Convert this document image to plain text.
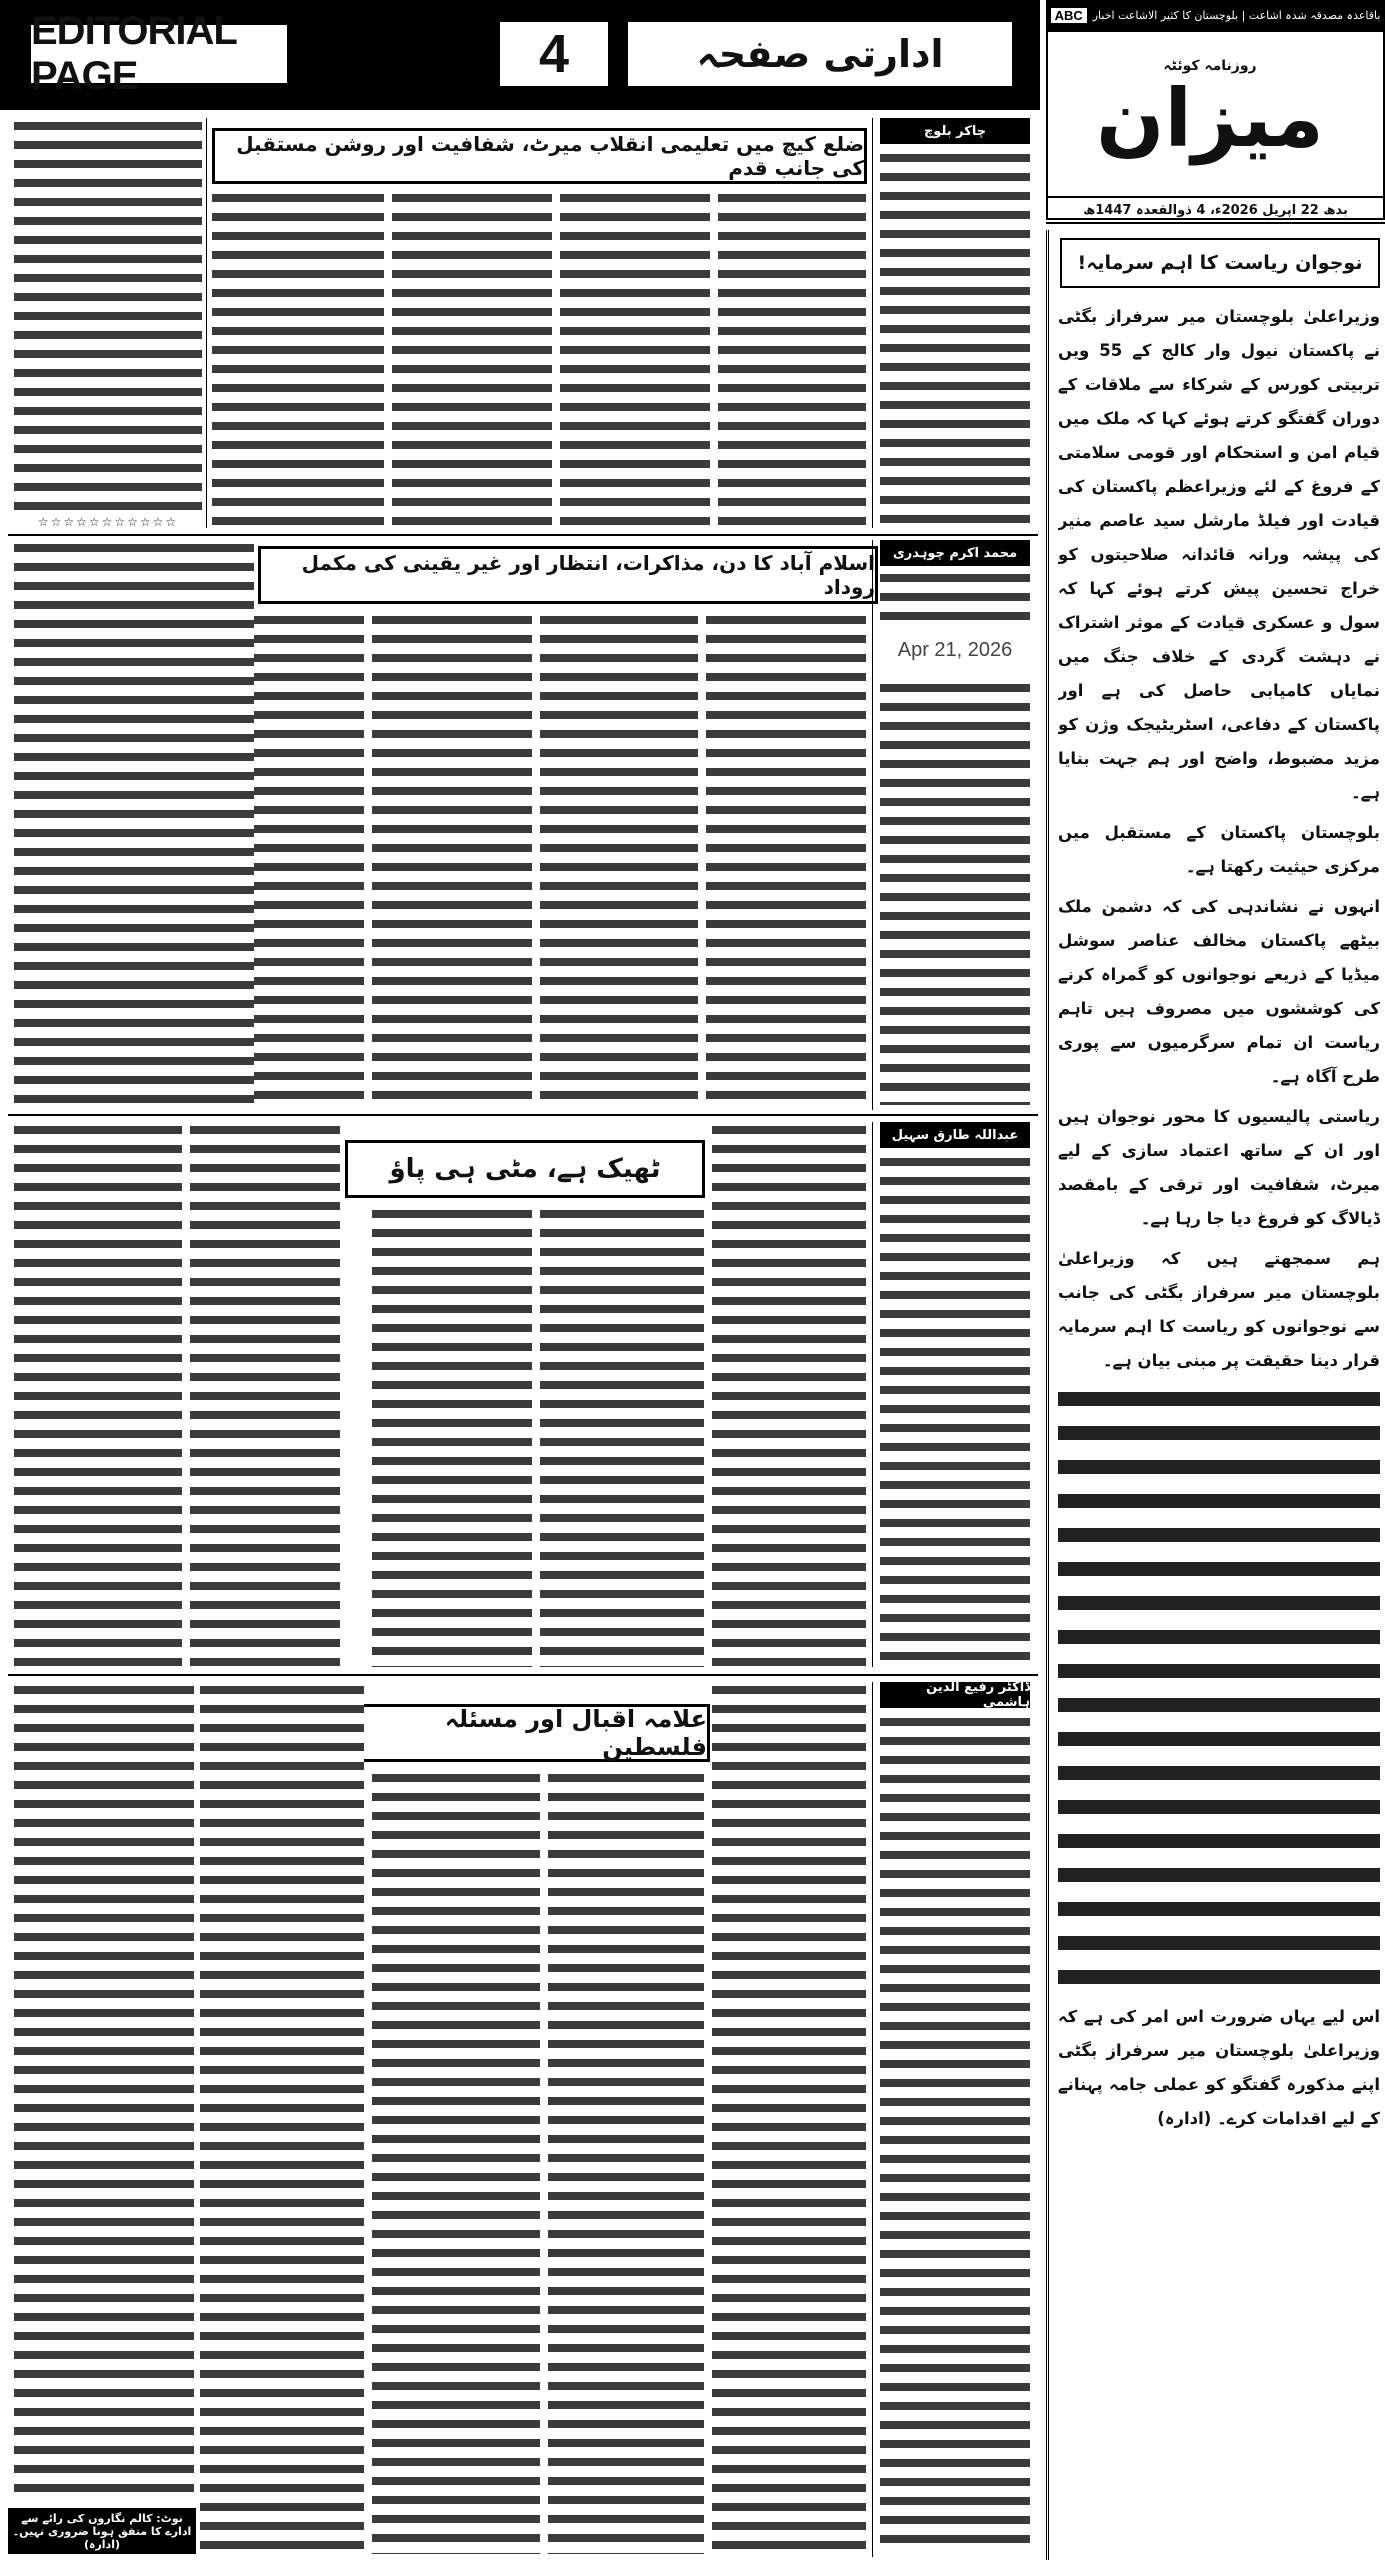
ABC باقاعدہ مصدقہ شدہ اشاعت | بلوچستان کا کثیر الاشاعت اخبار
روزنامہ کوئٹہ
میزان
بدھ 22 اپریل 2026ء، 4 ذوالقعدہ 1447ھ
نوجوان ریاست کا اہم سرمایہ!

وزیراعلیٰ بلوچستان میر سرفراز بگٹی نے پاکستان نیول وار کالج کے 55 ویں تربیتی کورس کے شرکاء سے ملاقات کے دوران گفتگو کرتے ہوئے کہا کہ ملک میں قیام امن و استحکام اور قومی سلامتی کے فروغ کے لئے وزیراعظم پاکستان کی قیادت اور فیلڈ مارشل سید عاصم منیر کی پیشہ ورانہ قائدانہ صلاحیتوں کو خراج تحسین پیش کرتے ہوئے کہا کہ سول و عسکری قیادت کے موثر اشتراک نے دہشت گردی کے خلاف جنگ میں نمایاں کامیابی حاصل کی ہے اور پاکستان کے دفاعی، اسٹریٹیجک وژن کو مزید مضبوط، واضح اور ہم جہت بنایا ہے۔

بلوچستان پاکستان کے مستقبل میں مرکزی حیثیت رکھتا ہے۔

انہوں نے نشاندہی کی کہ دشمن ملک بیٹھے پاکستان مخالف عناصر سوشل میڈیا کے ذریعے نوجوانوں کو گمراہ کرنے کی کوششوں میں مصروف ہیں تاہم ریاست ان تمام سرگرمیوں سے پوری طرح آگاہ ہے۔

ریاستی پالیسیوں کا محور نوجوان ہیں اور ان کے ساتھ اعتماد سازی کے لیے میرٹ، شفافیت اور ترقی کے بامقصد ڈیالاگ کو فروغ دیا جا رہا ہے۔

ہم سمجھتے ہیں کہ وزیراعلیٰ بلوچستان میر سرفراز بگٹی کی جانب سے نوجوانوں کو ریاست کا اہم سرمایہ قرار دینا حقیقت پر مبنی بیان ہے۔

اس لیے یہاں ضرورت اس امر کی ہے کہ وزیراعلیٰ بلوچستان میر سرفراز بگٹی اپنے مذکورہ گفتگو کو عملی جامہ پہنانے کے لیے اقدامات کرے۔ (ادارہ)

EDITORIAL PAGE	4	ادارتی صفحہ
چاکر بلوچ
ضلع کیچ میں تعلیمی انقلاب میرٹ، شفافیت اور روشن مستقبل کی جانب قدم
☆☆☆☆☆☆☆☆☆☆☆
محمد اکرم چوہدری
اسلام آباد کا دن، مذاکرات، انتظار اور غیر یقینی کی مکمل روداد
Apr 21, 2026
عبداللہ طارق سہیل
ٹھیک ہے، مٹی ہی پاؤ
ڈاکٹر رفیع الدین ہاشمی
علامہ اقبال اور مسئلہ فلسطین
نوٹ: کالم نگاروں کی رائے سے ادارے کا متفق ہونا ضروری نہیں۔ (ادارہ)
